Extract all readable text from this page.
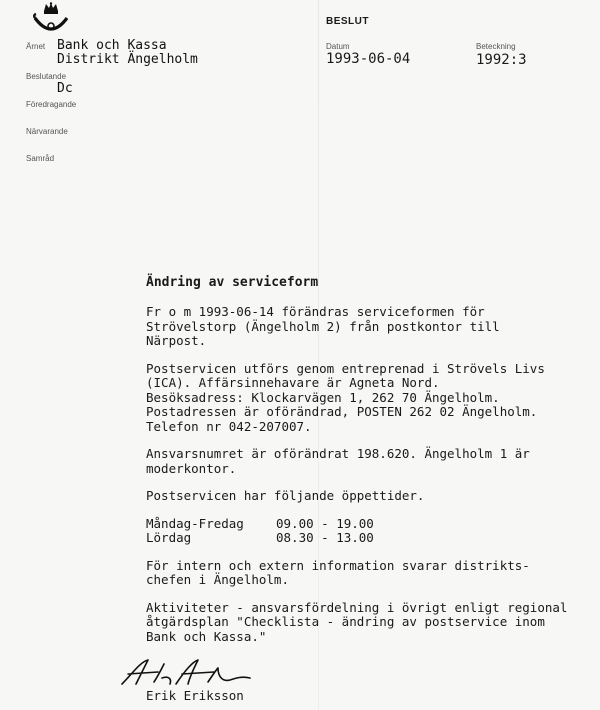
Ärnet Bank och Kassa
Distrikt Ängelholm
Beslutande
Dc
Föredragande
Närvarande
Samråd
BESLUT
Datum
1993-06-04
Beteckning
1992:3
Ändring av serviceform
Fr o m 1993-06-14 förändras serviceformen för
Strövelstorp (Ängelholm 2) från postkontor till
Närpost.
Postservicen utförs genom entreprenad i Strövels Livs
(ICA). Affärsinnehavare är Agneta Nord.
Besöksadress: Klockarvägen 1, 262 70 Ängelholm.
Postadressen är oförändrad, POSTEN 262 02 Ängelholm.
Telefon nr 042-207007.
Ansvarsnumret är oförändrat 198.620. Ängelholm 1 är
moderkontor.
Postservicen har följande öppettider.
Måndag-Fredag	09.00 - 19.00
Lördag	08.30 - 13.00
För intern och extern information svarar distrikts-
chefen i Ängelholm.
Aktiviteter - ansvarsfördelning i övrigt enligt regional
åtgärdsplan "Checklista - ändring av postservice inom
Bank och Kassa."
Erik Eriksson
